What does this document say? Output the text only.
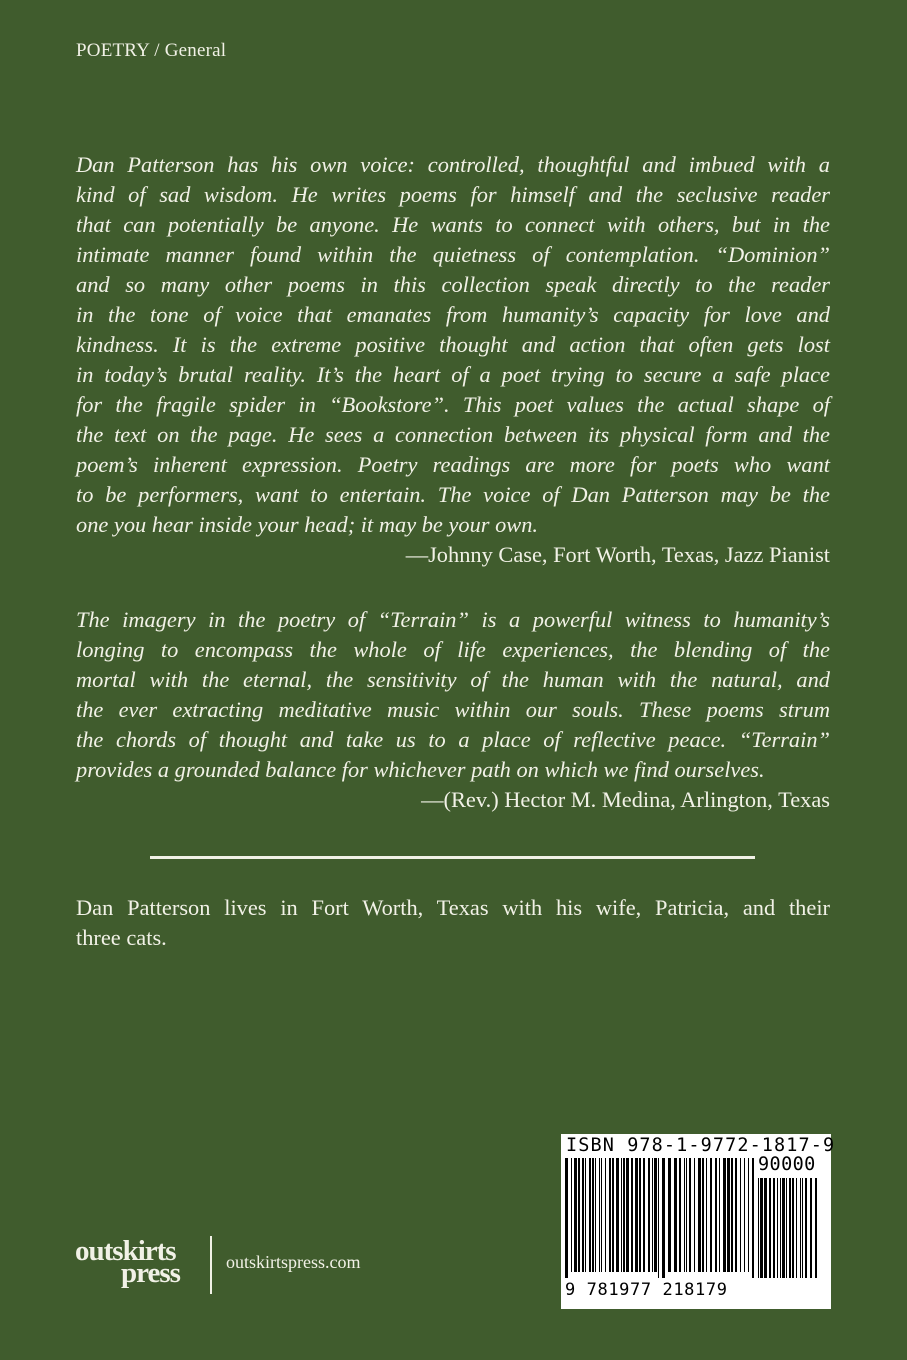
POETRY / General

Dan Patterson has his own voice: controlled, thoughtful and imbued with a
kind of sad wisdom. He writes poems for himself and the seclusive reader
that can potentially be anyone. He wants to connect with others, but in the
intimate manner found within the quietness of contemplation. “Dominion”
and so many other poems in this collection speak directly to the reader
in the tone of voice that emanates from humanity’s capacity for love and
kindness. It is the extreme positive thought and action that often gets lost
in today’s brutal reality. It’s the heart of a poet trying to secure a safe place
for the fragile spider in “Bookstore”. This poet values the actual shape of
the text on the page. He sees a connection between its physical form and the
poem’s inherent expression. Poetry readings are more for poets who want
to be performers, want to entertain. The voice of Dan Patterson may be the
one you hear inside your head; it may be your own.

—Johnny Case, Fort Worth, Texas, Jazz Pianist

The imagery in the poetry of “Terrain” is a powerful witness to humanity’s
longing to encompass the whole of life experiences, the blending of the
mortal with the eternal, the sensitivity of the human with the natural, and
the ever extracting meditative music within our souls. These poems strum
the chords of thought and take us to a place of reflective peace. “Terrain”
provides a grounded balance for whichever path on which we find ourselves.

—(Rev.) Hector M. Medina, Arlington, Texas
Dan Patterson lives in Fort Worth, Texas with his wife, Patricia, and their
three cats.
outskirts
press	outskirtspress.com
ISBN 978-1-9772-1817-9
90000
9 781977 218179
